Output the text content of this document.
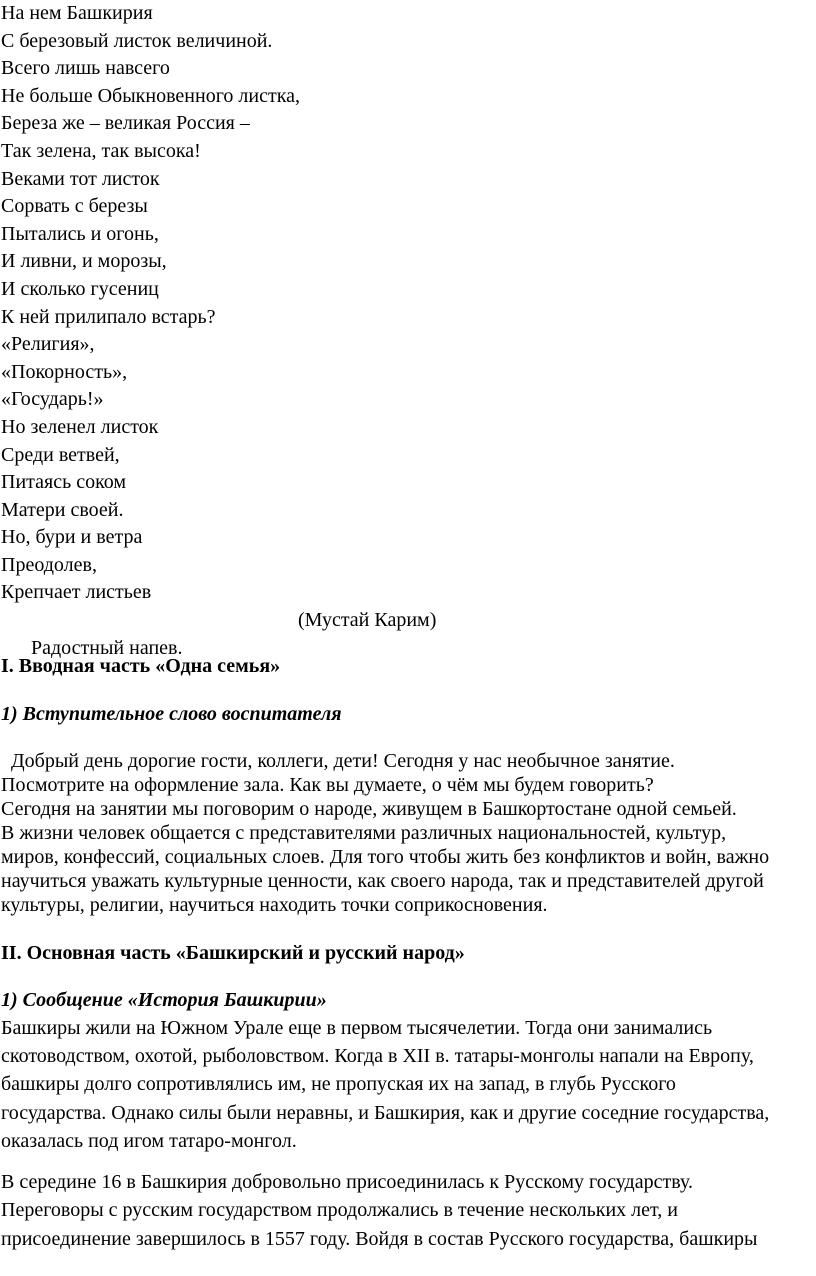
На нем Башкирия
С березовый листок величиной.
Всего лишь навсего
Не больше Обыкновенного листка,
Береза же – великая Россия –
Так зелена, так высока!
Веками тот листок
Сорвать с березы
Пытались и огонь,
И ливни, и морозы,
И сколько гусениц
К ней прилипало встарь?
«Религия»,
«Покорность»,
«Государь!»
Но зеленел листок
Среди ветвей,
Питаясь соком
Матери своей.
Но, бури и ветра
Преодолев,
Крепчает листьев

Радостный напев.

(Мустай Карим)

I. Вводная часть «Одна семья»
1) Вступительное слово воспитателя
Добрый день дорогие гости, коллеги, дети! Сегодня у нас необычное занятие.
Посмотрите на оформление зала. Как вы думаете, о чём мы будем говорить?
Сегодня на занятии мы поговорим о народе, живущем в Башкортостане одной семьей.
В жизни человек общается с представителями различных национальностей, культур,
миров, конфессий, социальных слоев. Для того чтобы жить без конфликтов и войн, важно
научиться уважать культурные ценности, как своего народа, так и представителей другой
культуры, религии, научиться находить точки соприкосновения.
II. Основная часть «Башкирский и русский народ»
1) Сообщение «История Башкирии»
Башкиры жили на Южном Урале еще в первом тысячелетии. Тогда они занимались
скотоводством, охотой, рыболовством. Когда в XII в. татары-монголы напали на Европу,
башкиры долго сопротивлялись им, не пропуская их на запад, в глубь Русского
государства. Однако силы были неравны, и Башкирия, как и другие соседние государства,
оказалась под игом татаро-монгол.
В середине 16 в Башкирия добровольно присоединилась к Русскому государству.
Переговоры с русским государством продолжались в течение нескольких лет, и
присоединение завершилось в 1557 году. Войдя в состав Русского государства, башкиры
